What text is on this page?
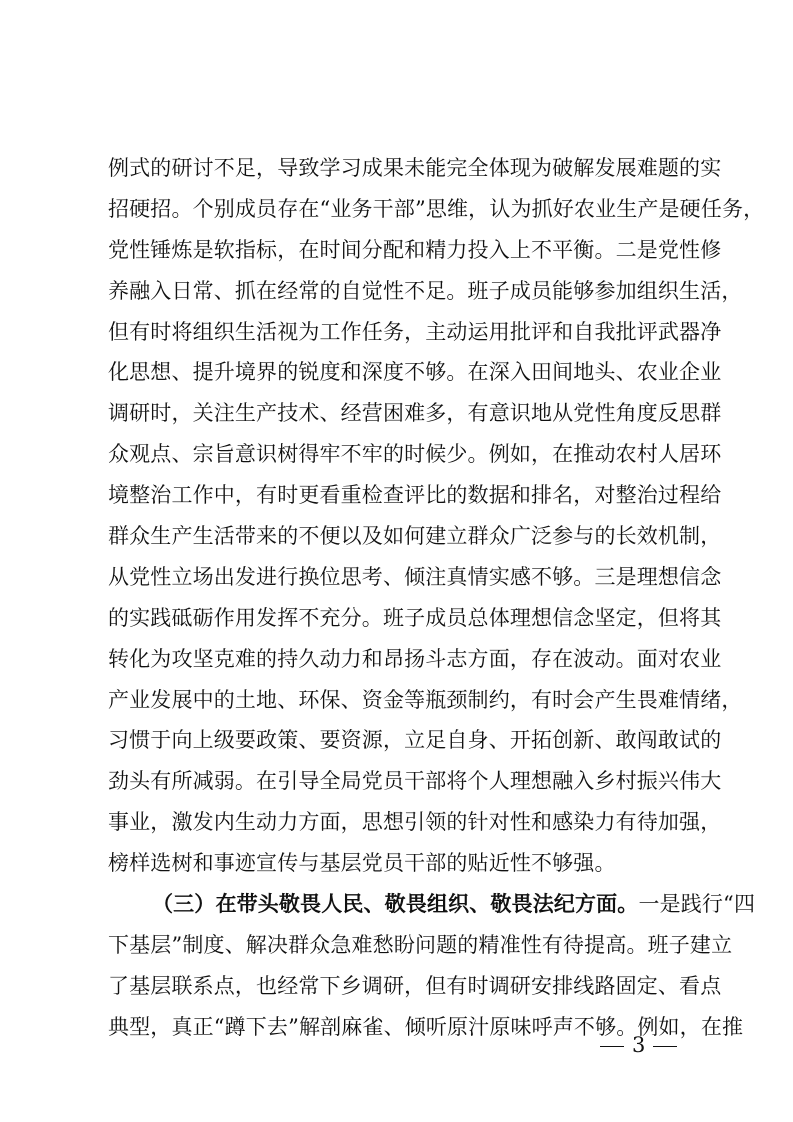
例式的研讨不足，导致学习成果未能完全体现为破解发展难题的实
招硬招。个别成员存在“业务干部”思维，认为抓好农业生产是硬任务，
党性锤炼是软指标，在时间分配和精力投入上不平衡。二是党性修
养融入日常、抓在经常的自觉性不足。班子成员能够参加组织生活，
但有时将组织生活视为工作任务，主动运用批评和自我批评武器净
化思想、提升境界的锐度和深度不够。在深入田间地头、农业企业
调研时，关注生产技术、经营困难多，有意识地从党性角度反思群
众观点、宗旨意识树得牢不牢的时候少。例如，在推动农村人居环
境整治工作中，有时更看重检查评比的数据和排名，对整治过程给
群众生产生活带来的不便以及如何建立群众广泛参与的长效机制，
从党性立场出发进行换位思考、倾注真情实感不够。三是理想信念
的实践砥砺作用发挥不充分。班子成员总体理想信念坚定，但将其
转化为攻坚克难的持久动力和昂扬斗志方面，存在波动。面对农业
产业发展中的土地、环保、资金等瓶颈制约，有时会产生畏难情绪，
习惯于向上级要政策、要资源，立足自身、开拓创新、敢闯敢试的
劲头有所减弱。在引导全局党员干部将个人理想融入乡村振兴伟大
事业，激发内生动力方面，思想引领的针对性和感染力有待加强，
榜样选树和事迹宣传与基层党员干部的贴近性不够强。
（三）在带头敬畏人民、敬畏组织、敬畏法纪方面。一是践行“四
下基层”制度、解决群众急难愁盼问题的精准性有待提高。班子建立
了基层联系点，也经常下乡调研，但有时调研安排线路固定、看点
典型，真正“蹲下去”解剖麻雀、倾听原汁原味呼声不够。例如，在推
3
